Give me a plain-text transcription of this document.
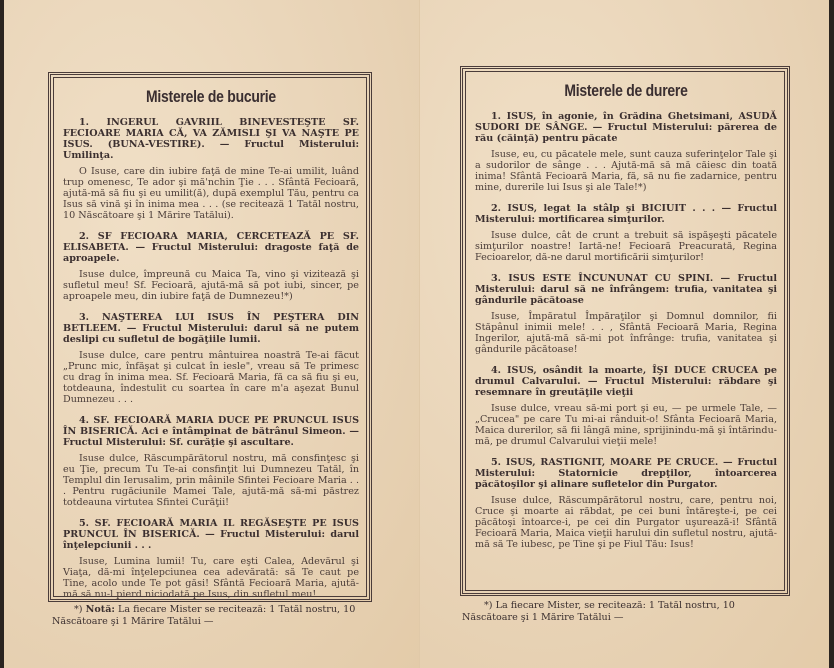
Misterele de bucurie

1. INGERUL GAVRIIL BINEVESTEŞTE SF. FECIOARE MARIA CĂ, VA ZĂMISLI ŞI VA NAŞTE PE ISUS. (BUNA-VESTIRE). — Fructul Misterului: Umilinţa.

O Isuse, care din iubire faţă de mine Te-ai umilit, luând trup omenesc, Te ador şi mă'nchin Ţie . . . Sfântă Fecioară, ajută-mă să fiu şi eu umilit(ă), după exemplul Tău, pentru ca Isus să vină şi în inima mea . . . (se reciteazä 1 Tatăl nostru, 10 Născătoare şi 1 Mărire Tatălui).

2. SF FECIOARA MARIA, CERCETEAZĂ PE SF. ELISABETA. — Fructul Misterului: dragoste faţă de aproapele.

Isuse dulce, împreună cu Maica Ta, vino şi vizitează şi sufletul meu! Sf. Fecioară, ajută-mă să pot iubi, sincer, pe aproapele meu, din iubire faţă de Dumnezeu!*)

3. NAŞTEREA LUI ISUS ÎN PEŞTERA DIN BETLEEM. — Fructul Misterului: darul să ne putem deslipi cu sufletul de bogăţiile lumii.

Isuse dulce, care pentru mântuirea noastră Te-ai făcut „Prunc mic, înfăşat şi culcat în iesle", vreau să Te primesc cu drag în inima mea. Sf. Fecioară Maria, fă ca să fiu şi eu, totdeauna, îndestulit cu soartea în care m'a aşezat Bunul Dumnezeu . . .

4. SF. FECIOARĂ MARIA DUCE PE PRUNCUL ISUS ÎN BISERICĂ. Aci e întâmpinat de bătrânul Simeon. — Fructul Misterului: Sf. curăţie şi ascultare.

Isuse dulce, Răscumpărătorul nostru, mă consfinţesc şi eu Ţie, precum Tu Te-ai consfinţit lui Dumnezeu Tatăl, în Templul din Ierusalim, prin mâinile Sfintei Fecioare Maria . . . Pentru rugăciunile Mamei Tale, ajută-mă să-mi păstrez totdeauna virtutea Sfintei Curăţii!

5. SF. FECIOARĂ MARIA IL REGĂSEŞTE PE ISUS PRUNCUL ÎN BISERICĂ. — Fructul Misterului: darul înţelepciunii . . .

Isuse, Lumina lumii! Tu, care eşti Calea, Adevărul şi Viaţa, dă-mi înţelepciunea cea adevărată: să Te caut pe Tine, acolo unde Te pot găsi! Sfântă Fecioară Maria, ajută-mă să nu-l pierd niciodată pe Isus, din sufletul meu!

*) Notă: La fiecare Mister se recitează: 1 Tatăl nostru, 10 Născătoare şi 1 Mărire Tatălui —
Misterele de durere

1. ISUS, în agonie, în Grădina Ghetsimani, ASUDĂ SUDORI DE SÂNGE. — Fructul Misterului: părerea de rău (căinţă) pentru păcate

Isuse, eu, cu păcatele mele, sunt cauza suferinţelor Tale şi a sudorilor de sânge . . . Ajută-mă să mă căiesc din toată inima! Sfântă Fecioară Maria, fă, să nu fie zadarnice, pentru mine, durerile lui Isus şi ale Tale!*)

2. ISUS, legat la stâlp şi BICIUIT . . . — Fructul Misterului: mortificarea simţurilor.

Isuse dulce, cât de crunt a trebuit să ispăşeşti păcatele simţurilor noastre! Iartă-ne! Fecioară Preacurată, Regina Fecioarelor, dă-ne darul mortificării simţurilor!

3. ISUS ESTE ÎNCUNUNAT CU SPINI. — Fructul Misterului: darul să ne înfrângem: trufia, vanitatea şi gândurile păcătoase

Isuse, Împăratul Împăraţilor şi Domnul domnilor, fii Stăpânul inimii mele! . . , Sfântă Fecioară Maria, Regina Ingerilor, ajută-mă să-mi pot înfrânge: trufia, vanitatea şi gândurile păcătoase!

4. ISUS, osândit la moarte, ÎŞI DUCE CRUCEA pe drumul Calvarului. — Fructul Misterului: răbdare şi resemnare în greutăţile vieţii

Isuse dulce, vreau să-mi port şi eu, — pe urmele Tale, — „Crucea" pe care Tu mi-ai rânduit-o! Sfânta Fecioară Maria, Maica durerilor, să fii lângă mine, sprijinindu-mă şi întărindu-mă, pe drumul Calvarului vieţii mele!

5. ISUS, RASTIGNIT, MOARE PE CRUCE. — Fructul Misterului: Statornicie drepţilor, întoarcerea păcătoşilor şi alinare sufletelor din Purgator.

Isuse dulce, Răscumpărătorul nostru, care, pentru noi, Cruce şi moarte ai răbdat, pe cei buni întăreşte-i, pe cei păcătoşi întoarce-i, pe cei din Purgator uşurează-i! Sfântă Fecioară Maria, Maica vieţii harului din sufletul nostru, ajută-mă să Te iubesc, pe Tine şi pe Fiul Tău: Isus!

*) La fiecare Mister, se recitează: 1 Tatăl nostru, 10 Născătoare şi 1 Mărire Tatălui —
